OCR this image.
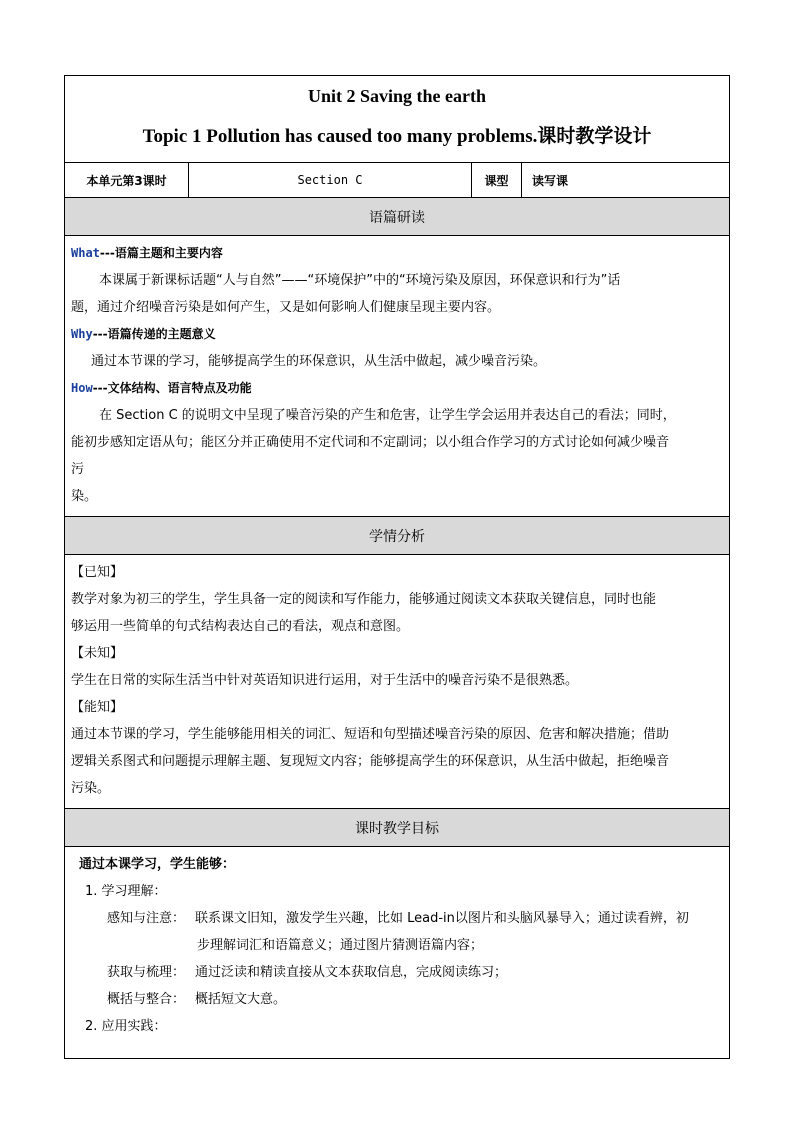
Unit 2 Saving the earth
Topic 1 Pollution has caused too many problems.课时教学设计
本单元第3课时	Section C	课型	读写课
语篇研读
What---语篇主题和主要内容
本课属于新课标话题“人与自然”——“环境保护”中的“环境污染及原因，环保意识和行为”话
题，通过介绍噪音污染是如何产生，又是如何影响人们健康呈现主要内容。
Why---语篇传递的主题意义
通过本节课的学习，能够提高学生的环保意识，从生活中做起，减少噪音污染。
How---文体结构、语言特点及功能
在 Section C 的说明文中呈现了噪音污染的产生和危害，让学生学会运用并表达自己的看法；同时，
能初步感知定语从句；能区分并正确使用不定代词和不定副词；以小组合作学习的方式讨论如何减少噪音
污
染。
学情分析
【已知】
教学对象为初三的学生，学生具备一定的阅读和写作能力，能够通过阅读文本获取关键信息，同时也能
够运用一些简单的句式结构表达自己的看法，观点和意图。
【未知】
学生在日常的实际生活当中针对英语知识进行运用，对于生活中的噪音污染不是很熟悉。
【能知】
通过本节课的学习，学生能够能用相关的词汇、短语和句型描述噪音污染的原因、危害和解决措施；借助
逻辑关系图式和问题提示理解主题、复现短文内容；能够提高学生的环保意识，从生活中做起，拒绝噪音
污染。
课时教学目标
通过本课学习，学生能够：
1. 学习理解：
感知与注意： 联系课文旧知，激发学生兴趣，比如 Lead-in以图片和头脑风暴导入；通过读看辨，初
步理解词汇和语篇意义；通过图片猜测语篇内容；
获取与梳理： 通过泛读和精读直接从文本获取信息，完成阅读练习；
概括与整合： 概括短文大意。
2. 应用实践：
